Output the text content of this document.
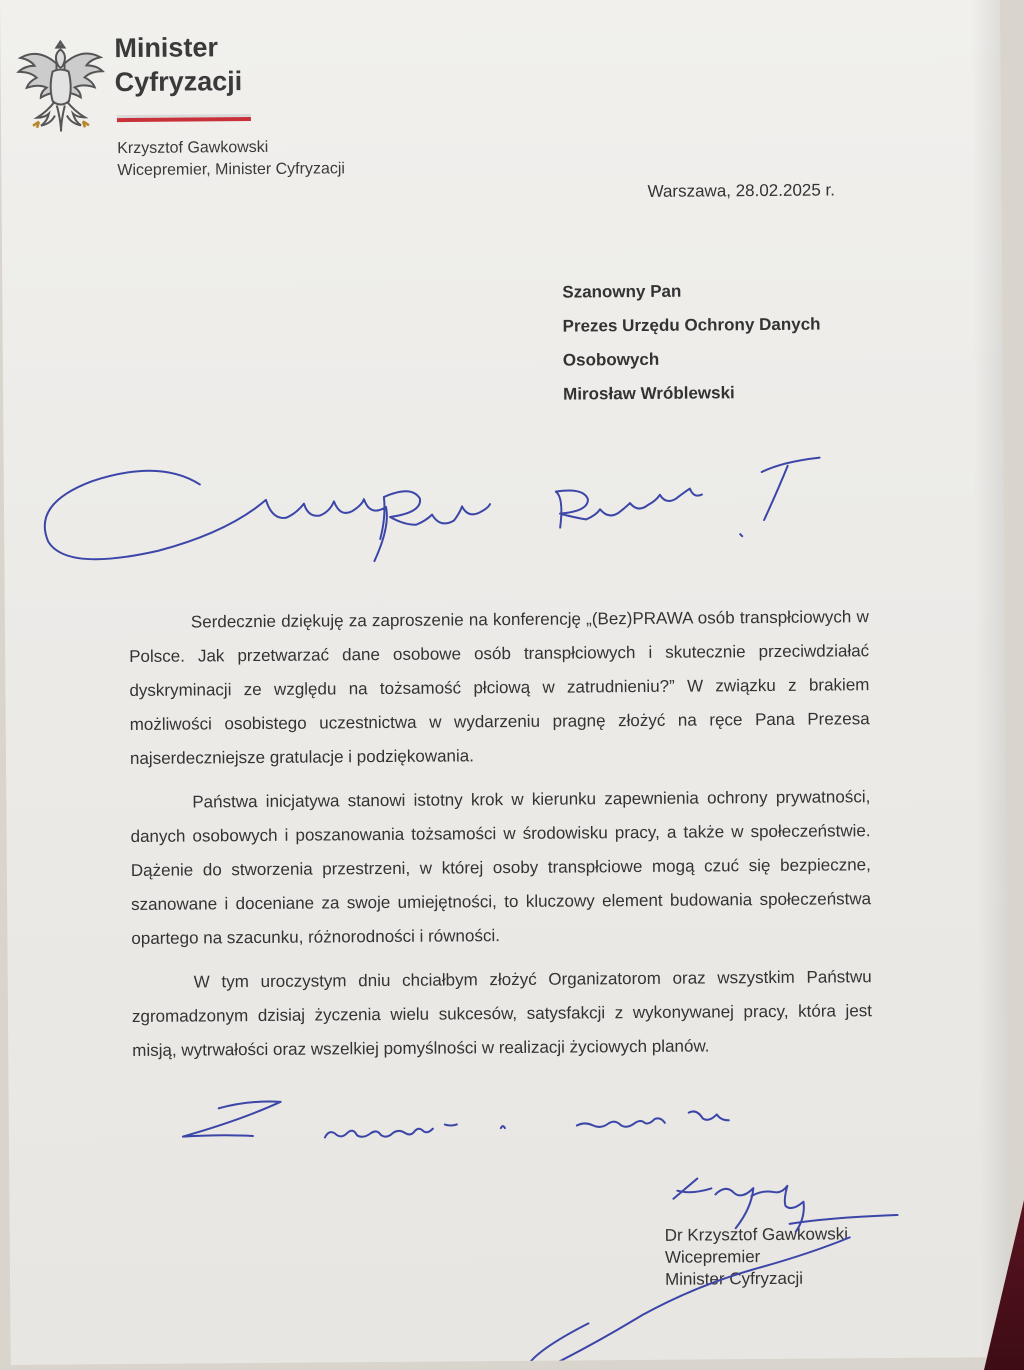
Minister
Cyfryzacji
Krzysztof Gawkowski
Wicepremier, Minister Cyfryzacji
Warszawa, 28.02.2025 r.
Szanowny Pan
Prezes Urzędu Ochrony Danych
Osobowych
Mirosław Wróblewski

Serdecznie dziękuję za zaproszenie na konferencję „(Bez)PRAWA osób transpłciowych w Polsce. Jak przetwarzać dane osobowe osób transpłciowych i skutecznie przeciwdziałać dyskryminacji ze względu na tożsamość płciową w zatrudnieniu?” W związku z brakiem możliwości osobistego uczestnictwa w wydarzeniu pragnę złożyć na ręce Pana Prezesa najserdeczniejsze gratulacje i podziękowania.

Państwa inicjatywa stanowi istotny krok w kierunku zapewnienia ochrony prywatności, danych osobowych i poszanowania tożsamości w środowisku pracy, a także w społeczeństwie. Dążenie do stworzenia przestrzeni, w której osoby transpłciowe mogą czuć się bezpieczne, szanowane i doceniane za swoje umiejętności, to kluczowy element budowania społeczeństwa opartego na szacunku, różnorodności i równości.

W tym uroczystym dniu chciałbym złożyć Organizatorom oraz wszystkim Państwu zgromadzonym dzisiaj życzenia wielu sukcesów, satysfakcji z wykonywanej pracy, która jest misją, wytrwałości oraz wszelkiej pomyślności w realizacji życiowych planów.

Dr Krzysztof Gawkowski
Wicepremier
Minister Cyfryzacji
